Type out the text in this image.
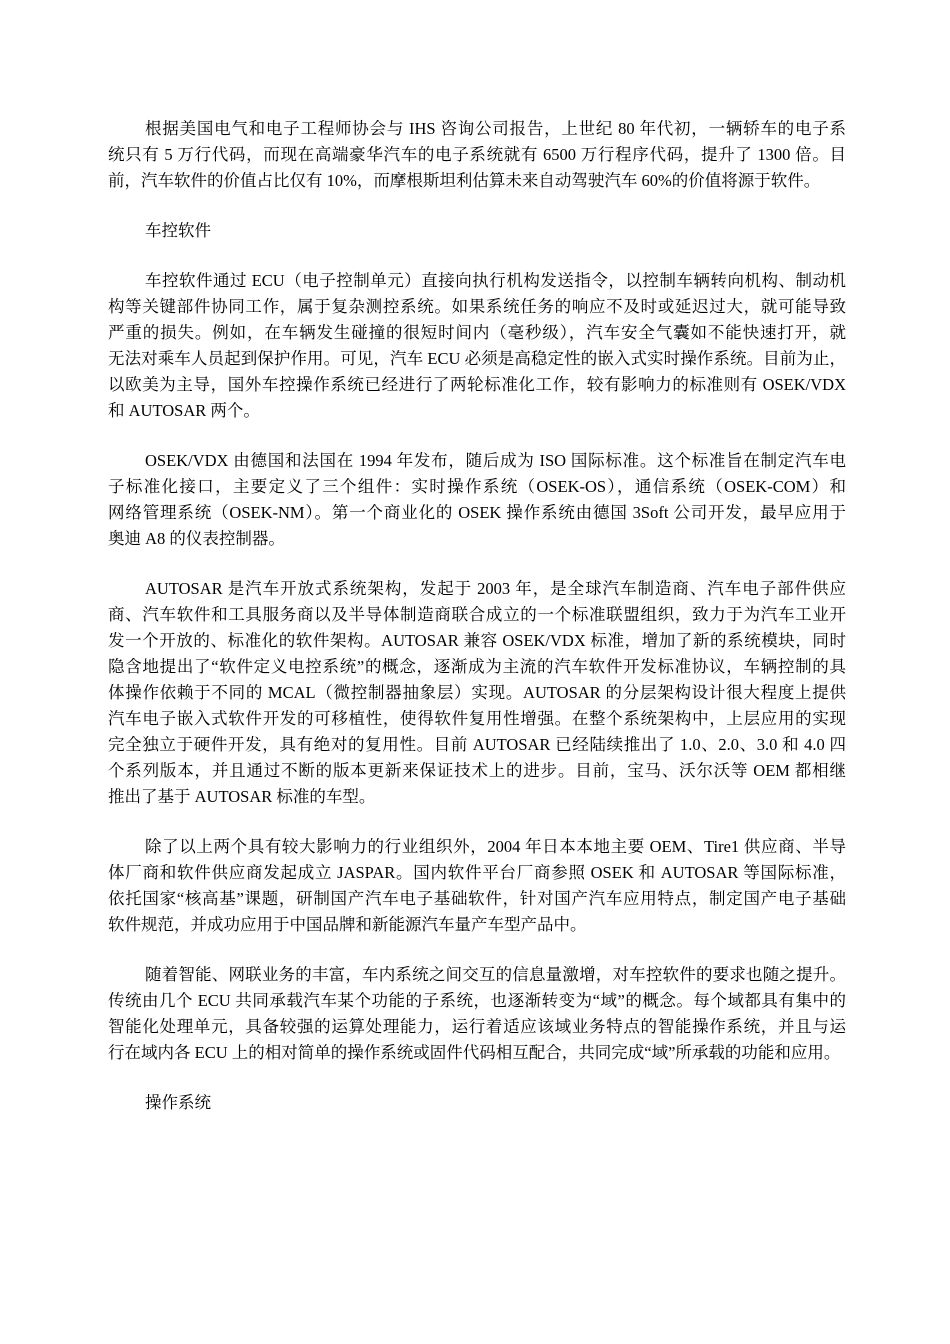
根据美国电气和电子工程师协会与 IHS 咨询公司报告，上世纪 80 年代初，一辆轿车的电子系
统只有 5 万行代码，而现在高端豪华汽车的电子系统就有 6500 万行程序代码，提升了 1300 倍。目
前，汽车软件的价值占比仅有 10%，而摩根斯坦利估算未来自动驾驶汽车 60%的价值将源于软件。
车控软件
车控软件通过 ECU（电子控制单元）直接向执行机构发送指令，以控制车辆转向机构、制动机
构等关键部件协同工作，属于复杂测控系统。如果系统任务的响应不及时或延迟过大，就可能导致
严重的损失。例如，在车辆发生碰撞的很短时间内（毫秒级），汽车安全气囊如不能快速打开，就
无法对乘车人员起到保护作用。可见，汽车 ECU 必须是高稳定性的嵌入式实时操作系统。目前为止，
以欧美为主导，国外车控操作系统已经进行了两轮标准化工作，较有影响力的标准则有 OSEK/VDX
和 AUTOSAR 两个。
OSEK/VDX 由德国和法国在 1994 年发布，随后成为 ISO 国际标准。这个标准旨在制定汽车电
子标准化接口，主要定义了三个组件：实时操作系统（OSEK-OS），通信系统（OSEK-COM）和
网络管理系统（OSEK-NM）。第一个商业化的 OSEK 操作系统由德国 3Soft 公司开发，最早应用于
奥迪 A8 的仪表控制器。
AUTOSAR 是汽车开放式系统架构，发起于 2003 年，是全球汽车制造商、汽车电子部件供应
商、汽车软件和工具服务商以及半导体制造商联合成立的一个标准联盟组织，致力于为汽车工业开
发一个开放的、标准化的软件架构。AUTOSAR 兼容 OSEK/VDX 标准，增加了新的系统模块，同时
隐含地提出了“软件定义电控系统”的概念，逐渐成为主流的汽车软件开发标准协议，车辆控制的具
体操作依赖于不同的 MCAL（微控制器抽象层）实现。AUTOSAR 的分层架构设计很大程度上提供
汽车电子嵌入式软件开发的可移植性，使得软件复用性增强。在整个系统架构中，上层应用的实现
完全独立于硬件开发，具有绝对的复用性。目前 AUTOSAR 已经陆续推出了 1.0、2.0、3.0 和 4.0 四
个系列版本，并且通过不断的版本更新来保证技术上的进步。目前，宝马、沃尔沃等 OEM 都相继
推出了基于 AUTOSAR 标准的车型。
除了以上两个具有较大影响力的行业组织外，2004 年日本本地主要 OEM、Tire1 供应商、半导
体厂商和软件供应商发起成立 JASPAR。国内软件平台厂商参照 OSEK 和 AUTOSAR 等国际标准，
依托国家“核高基”课题，研制国产汽车电子基础软件，针对国产汽车应用特点，制定国产电子基础
软件规范，并成功应用于中国品牌和新能源汽车量产车型产品中。
随着智能、网联业务的丰富，车内系统之间交互的信息量激增，对车控软件的要求也随之提升。
传统由几个 ECU 共同承载汽车某个功能的子系统，也逐渐转变为“域”的概念。每个域都具有集中的
智能化处理单元，具备较强的运算处理能力，运行着适应该域业务特点的智能操作系统，并且与运
行在域内各 ECU 上的相对简单的操作系统或固件代码相互配合，共同完成“域”所承载的功能和应用。
操作系统
